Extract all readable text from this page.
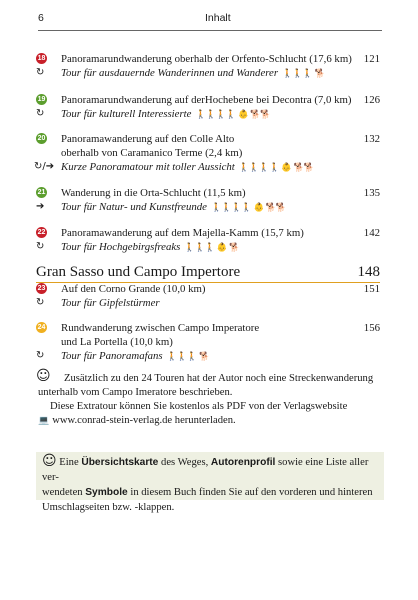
6	Inhalt
18 Panoramarundwanderung oberhalb der Orfento-Schlucht (17,6 km) 121
↻ Tour für ausdauernde Wanderinnen und Wanderer 🚶🚶🚶 🐕
19 Panoramarundwanderung auf derHochebene bei Decontra (7,0 km) 126
↻ Tour für kulturell Interessierte 🚶🚶🚶🚶 👶 🐕🐕
20 Panoramawanderung auf den Colle Alto	132
oberhalb von Caramanico Terme (2,4 km)
↻/➔ Kurze Panoramatour mit toller Aussicht 🚶🚶🚶🚶 👶 🐕🐕
21 Wanderung in die Orta-Schlucht (11,5 km)	135
➔ Tour für Natur- und Kunstfreunde 🚶🚶🚶🚶 👶 🐕🐕
22 Panoramawanderung auf dem Majella-Kamm (15,7 km)	142
↻ Tour für Hochgebirgsfreaks 🚶🚶🚶 👶 🐕
Gran Sasso und Campo Impertore	148
23 Auf den Corno Grande (10,0 km)	151
↻ Tour für Gipfelstürmer
24 Rundwanderung zwischen Campo Imperatore	156
und La Portella (10,0 km)
↻ Tour für Panoramafans 🚶🚶🚶 🐕
☺	Zusätzlich zu den 24 Touren hat der Autor noch eine Streckenwanderung

unterhalb vom Campo Imeratore beschrieben.

Diese Extratour können Sie kostenlos als PDF von der Verlagswebsite

💻 www.conrad-stein-verlag.de herunterladen.
☺ Eine Übersichtskarte des Weges, Autorenprofil sowie eine Liste aller ver-
wendeten Symbole in diesem Buch finden Sie auf den vorderen und hinteren
Umschlagseiten bzw. -klappen.
